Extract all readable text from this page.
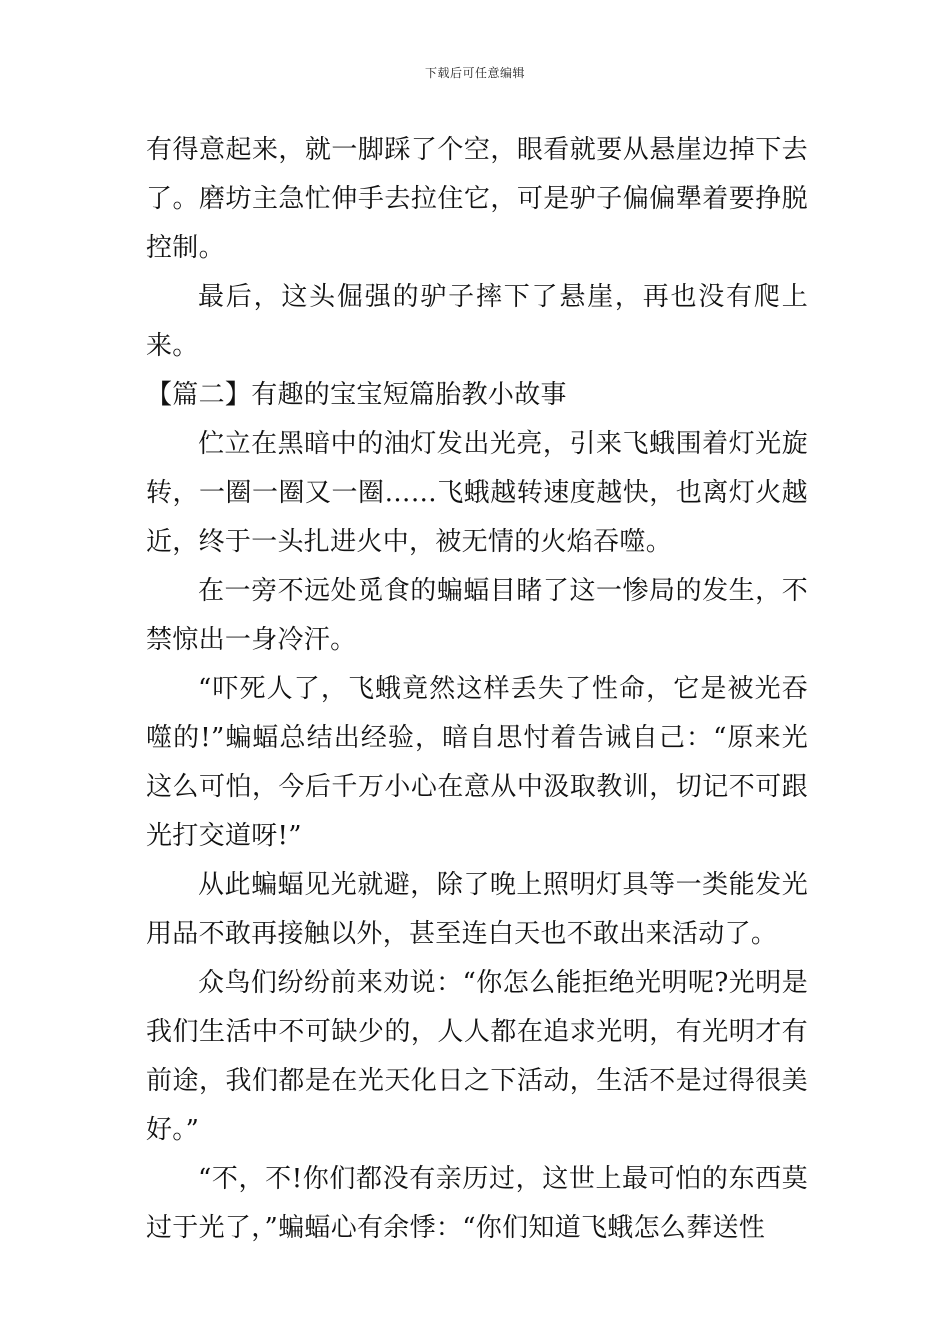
下载后可任意编辑

有得意起来，就一脚踩了个空，眼看就要从悬崖边掉下去了。磨坊主急忙伸手去拉住它，可是驴子偏偏犟着要挣脱控制。

最后，这头倔强的驴子摔下了悬崖，再也没有爬上来。

【篇二】有趣的宝宝短篇胎教小故事

伫立在黑暗中的油灯发出光亮，引来飞蛾围着灯光旋转，一圈一圈又一圈……飞蛾越转速度越快，也离灯火越近，终于一头扎进火中，被无情的火焰吞噬。

在一旁不远处觅食的蝙蝠目睹了这一惨局的发生，不禁惊出一身冷汗。

“吓死人了，飞蛾竟然这样丢失了性命，它是被光吞噬的!”蝙蝠总结出经验，暗自思忖着告诫自己：“原来光这么可怕，今后千万小心在意从中汲取教训，切记不可跟光打交道呀!”

从此蝙蝠见光就避，除了晚上照明灯具等一类能发光用品不敢再接触以外，甚至连白天也不敢出来活动了。

众鸟们纷纷前来劝说：“你怎么能拒绝光明呢?光明是我们生活中不可缺少的，人人都在追求光明，有光明才有前途，我们都是在光天化日之下活动，生活不是过得很美好。”

“不，不!你们都没有亲历过，这世上最可怕的东西莫过于光了，”蝙蝠心有余悸：“你们知道飞蛾怎么葬送性
